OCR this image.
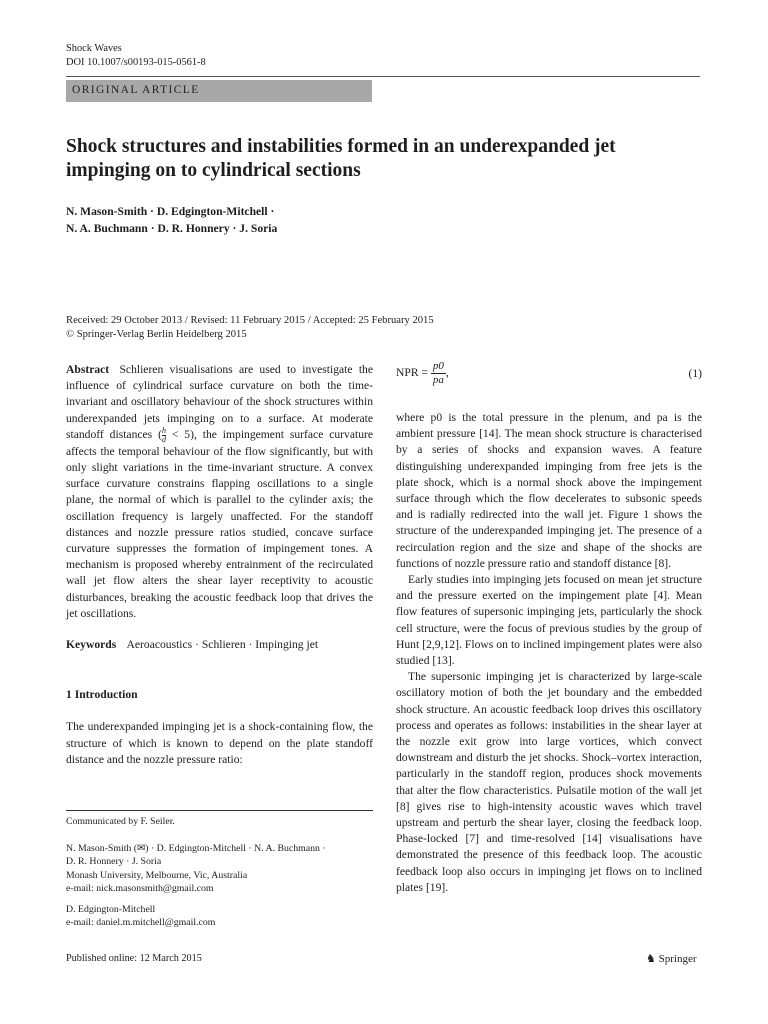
Shock Waves
DOI 10.1007/s00193-015-0561-8
ORIGINAL ARTICLE
Shock structures and instabilities formed in an underexpanded jet impinging on to cylindrical sections
N. Mason-Smith · D. Edgington-Mitchell ·
N. A. Buchmann · D. R. Honnery · J. Soria
Received: 29 October 2013 / Revised: 11 February 2015 / Accepted: 25 February 2015
© Springer-Verlag Berlin Heidelberg 2015

Abstract Schlieren visualisations are used to investigate the influence of cylindrical surface curvature on both the time-invariant and oscillatory behaviour of the shock structures within underexpanded jets impinging on to a surface. At moderate standoff distances ( $\frac{h}{d} < 5$), the impingement surface curvature affects the temporal behaviour of the flow significantly, but with only slight variations in the time-invariant structure. A convex surface curvature constrains flapping oscillations to a single plane, the normal of which is parallel to the cylinder axis; the oscillation frequency is largely unaffected. For the standoff distances and nozzle pressure ratios studied, concave surface curvature suppresses the formation of impingement tones. A mechanism is proposed whereby entrainment of the recirculated wall jet flow alters the shear layer receptivity to acoustic disturbances, breaking the acoustic feedback loop that drives the jet oscillations.

Keywords Aeroacoustics · Schlieren · Impinging jet

1 Introduction

The underexpanded impinging jet is a shock-containing flow, the structure of which is known to depend on the plate standoff distance and the nozzle pressure ratio:

Communicated by F. Seiler.
N. Mason-Smith (✉) · D. Edgington-Mitchell · N. A. Buchmann ·
D. R. Honnery · J. Soria
Monash University, Melbourne, Vic, Australia
e-mail: nick.masonsmith@gmail.com
D. Edgington-Mitchell
e-mail: daniel.m.mitchell@gmail.com
NPR = $\frac{p0}{pa}$ ,	(1)

where p0 is the total pressure in the plenum, and pa is the ambient pressure [14]. The mean shock structure is characterised by a series of shocks and expansion waves. A feature distinguishing underexpanded impinging from free jets is the plate shock, which is a normal shock above the impingement surface through which the flow decelerates to subsonic speeds and is radially redirected into the wall jet. Figure 1 shows the structure of the underexpanded impinging jet. The presence of a recirculation region and the size and shape of the shocks are functions of nozzle pressure ratio and standoff distance [8].

Early studies into impinging jets focused on mean jet structure and the pressure exerted on the impingement plate [4]. Mean flow features of supersonic impinging jets, particularly the shock cell structure, were the focus of previous studies by the group of Hunt [2,9,12]. Flows on to inclined impingement plates were also studied [13].

The supersonic impinging jet is characterized by large-scale oscillatory motion of both the jet boundary and the embedded shock structure. An acoustic feedback loop drives this oscillatory process and operates as follows: instabilities in the shear layer at the nozzle exit grow into large vortices, which convect downstream and disturb the jet shocks. Shock–vortex interaction, particularly in the standoff region, produces shock movements that alter the flow characteristics. Pulsatile motion of the wall jet [8] gives rise to high-intensity acoustic waves which travel upstream and perturb the shear layer, closing the feedback loop. Phase-locked [7] and time-resolved [14] visualisations have demonstrated the presence of this feedback loop. The acoustic feedback loop also occurs in impinging jet flows on to inclined plates [19].

Published online: 12 March 2015	♞ Springer
